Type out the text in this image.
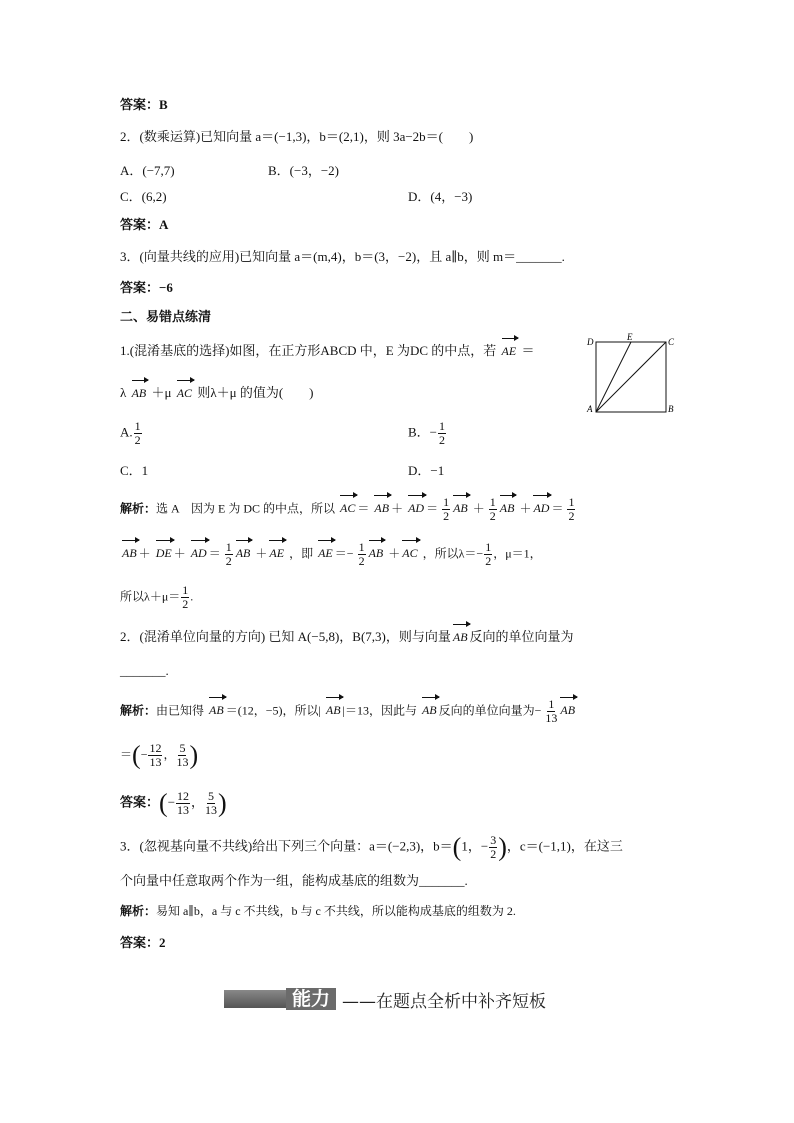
答案：B
2．(数乘运算)已知向量 a＝(−1,3)，b＝(2,1)，则 3a−2b＝(　　)
A．(−7,7)	B．(−3，−2)
C．(6,2)	D．(4，−3)
答案：A
3．(向量共线的应用)已知向量 a＝(m,4)，b＝(3，−2)，且 a∥b，则 m＝_______.
答案：−6
二、易错点练清
1.(混淆基底的选择)如图，在正方形ABCD 中，E 为DC 的中点，若 AE ＝
λ AB ＋μ AC 则λ＋μ 的值为(　　)
D	E	C
A	B
A. $\frac{1}{2}$	B．− $\frac{1}{2}$
C．1	D．−1
解析：选 A　因为 E 为 DC 的中点，所以 AC ＝ AB ＋ AD ＝ $\frac{1}{2}$ AB ＋ $\frac{1}{2}$ AB ＋ AD ＝ $\frac{1}{2}$
AB ＋ DE ＋ AD ＝ $\frac{1}{2}$ AB ＋ AE ，即 AE ＝− $\frac{1}{2}$ AB ＋ AC ，所以$\lambda=- \frac{1}{2}$ ，μ＝1，
所以$\lambda+\mu= \frac{1}{2}$ .
2．(混淆单位向量的方向) 已知 A(−5,8)，B(7,3)，则与向量 AB 反向的单位向量为
_______.
解析：由已知得 AB ＝(12，−5)，所以| AB |＝13，因此与 AB 反向的单位向量为− $\frac{1}{13}$ AB
＝(− $\frac{12}{13}$ ， $\frac{5}{13}$ )
答案：(− $\frac{12}{13}$ ， $\frac{5}{13}$ )
3．(忽视基向量不共线)给出下列三个向量：a＝(−2,3)，b＝(1，− $\frac{3}{2}$ )，c＝(−1,1)，在这三
个向量中任意取两个作为一组，能构成基底的组数为_______.
解析：易知 a∥b，a 与 c 不共线，b 与 c 不共线，所以能构成基底的组数为 2.
答案：2
能力 ——在题点全析中补齐短板
